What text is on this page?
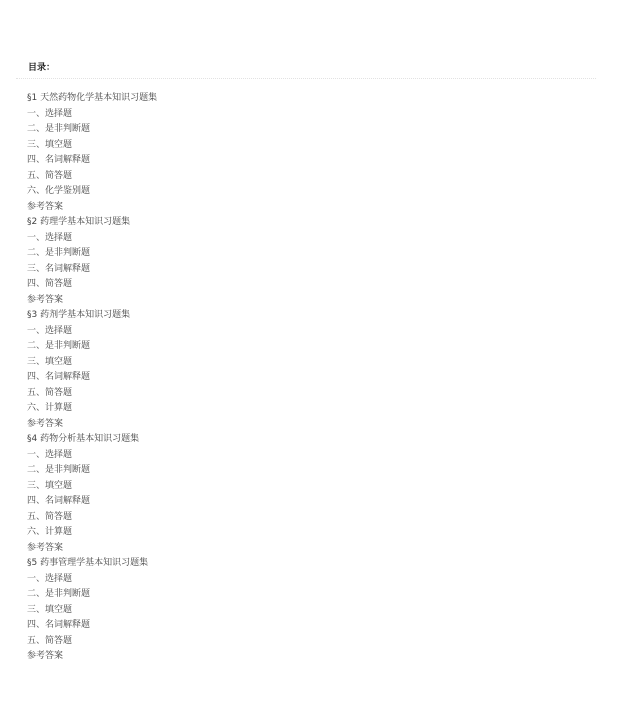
目录：
§1 天然药物化学基本知识习题集
一、选择题
二、是非判断题
三、填空题
四、名词解释题
五、简答题
六、化学鉴别题
参考答案
§2 药理学基本知识习题集
一、选择题
二、是非判断题
三、名词解释题
四、简答题
参考答案
§3 药剂学基本知识习题集
一、选择题
二、是非判断题
三、填空题
四、名词解释题
五、简答题
六、计算题
参考答案
§4 药物分析基本知识习题集
一、选择题
二、是非判断题
三、填空题
四、名词解释题
五、简答题
六、计算题
参考答案
§5 药事管理学基本知识习题集
一、选择题
二、是非判断题
三、填空题
四、名词解释题
五、简答题
参考答案
